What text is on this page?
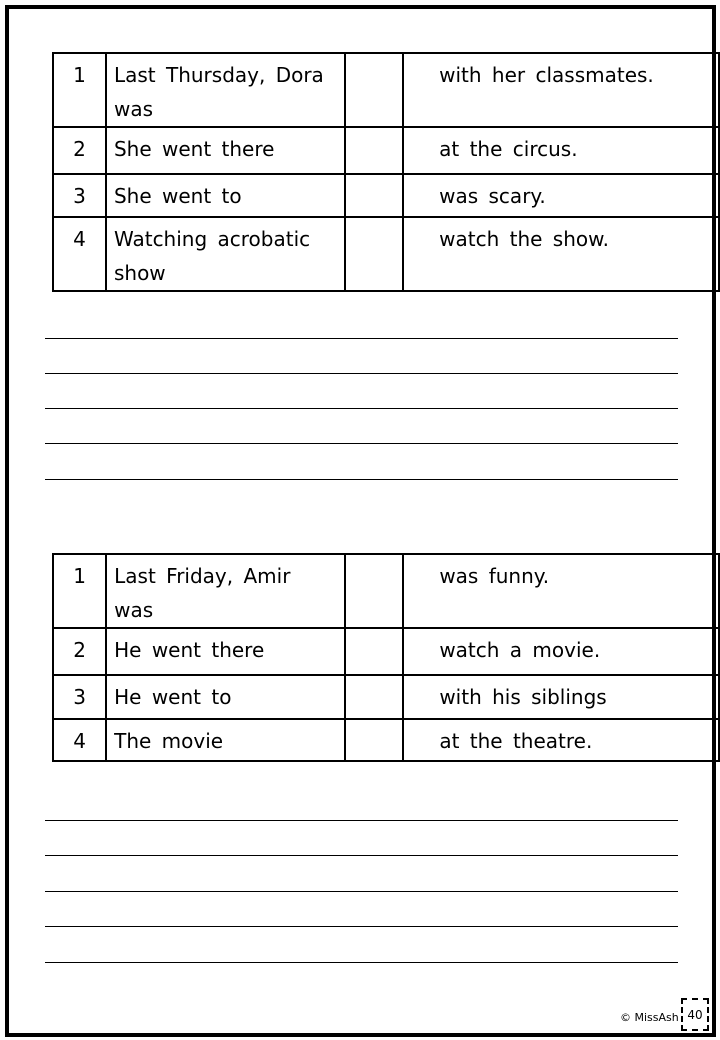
1	Last Thursday, Dora was		with her classmates.
2	She went there		at the circus.
3	She went to		was scary.
4	Watching acrobatic show		watch the show.
1	Last Friday, Amir was		was funny.
2	He went there		watch a movie.
3	He went to		with his siblings
4	The movie		at the theatre.
© MissAsh 40
